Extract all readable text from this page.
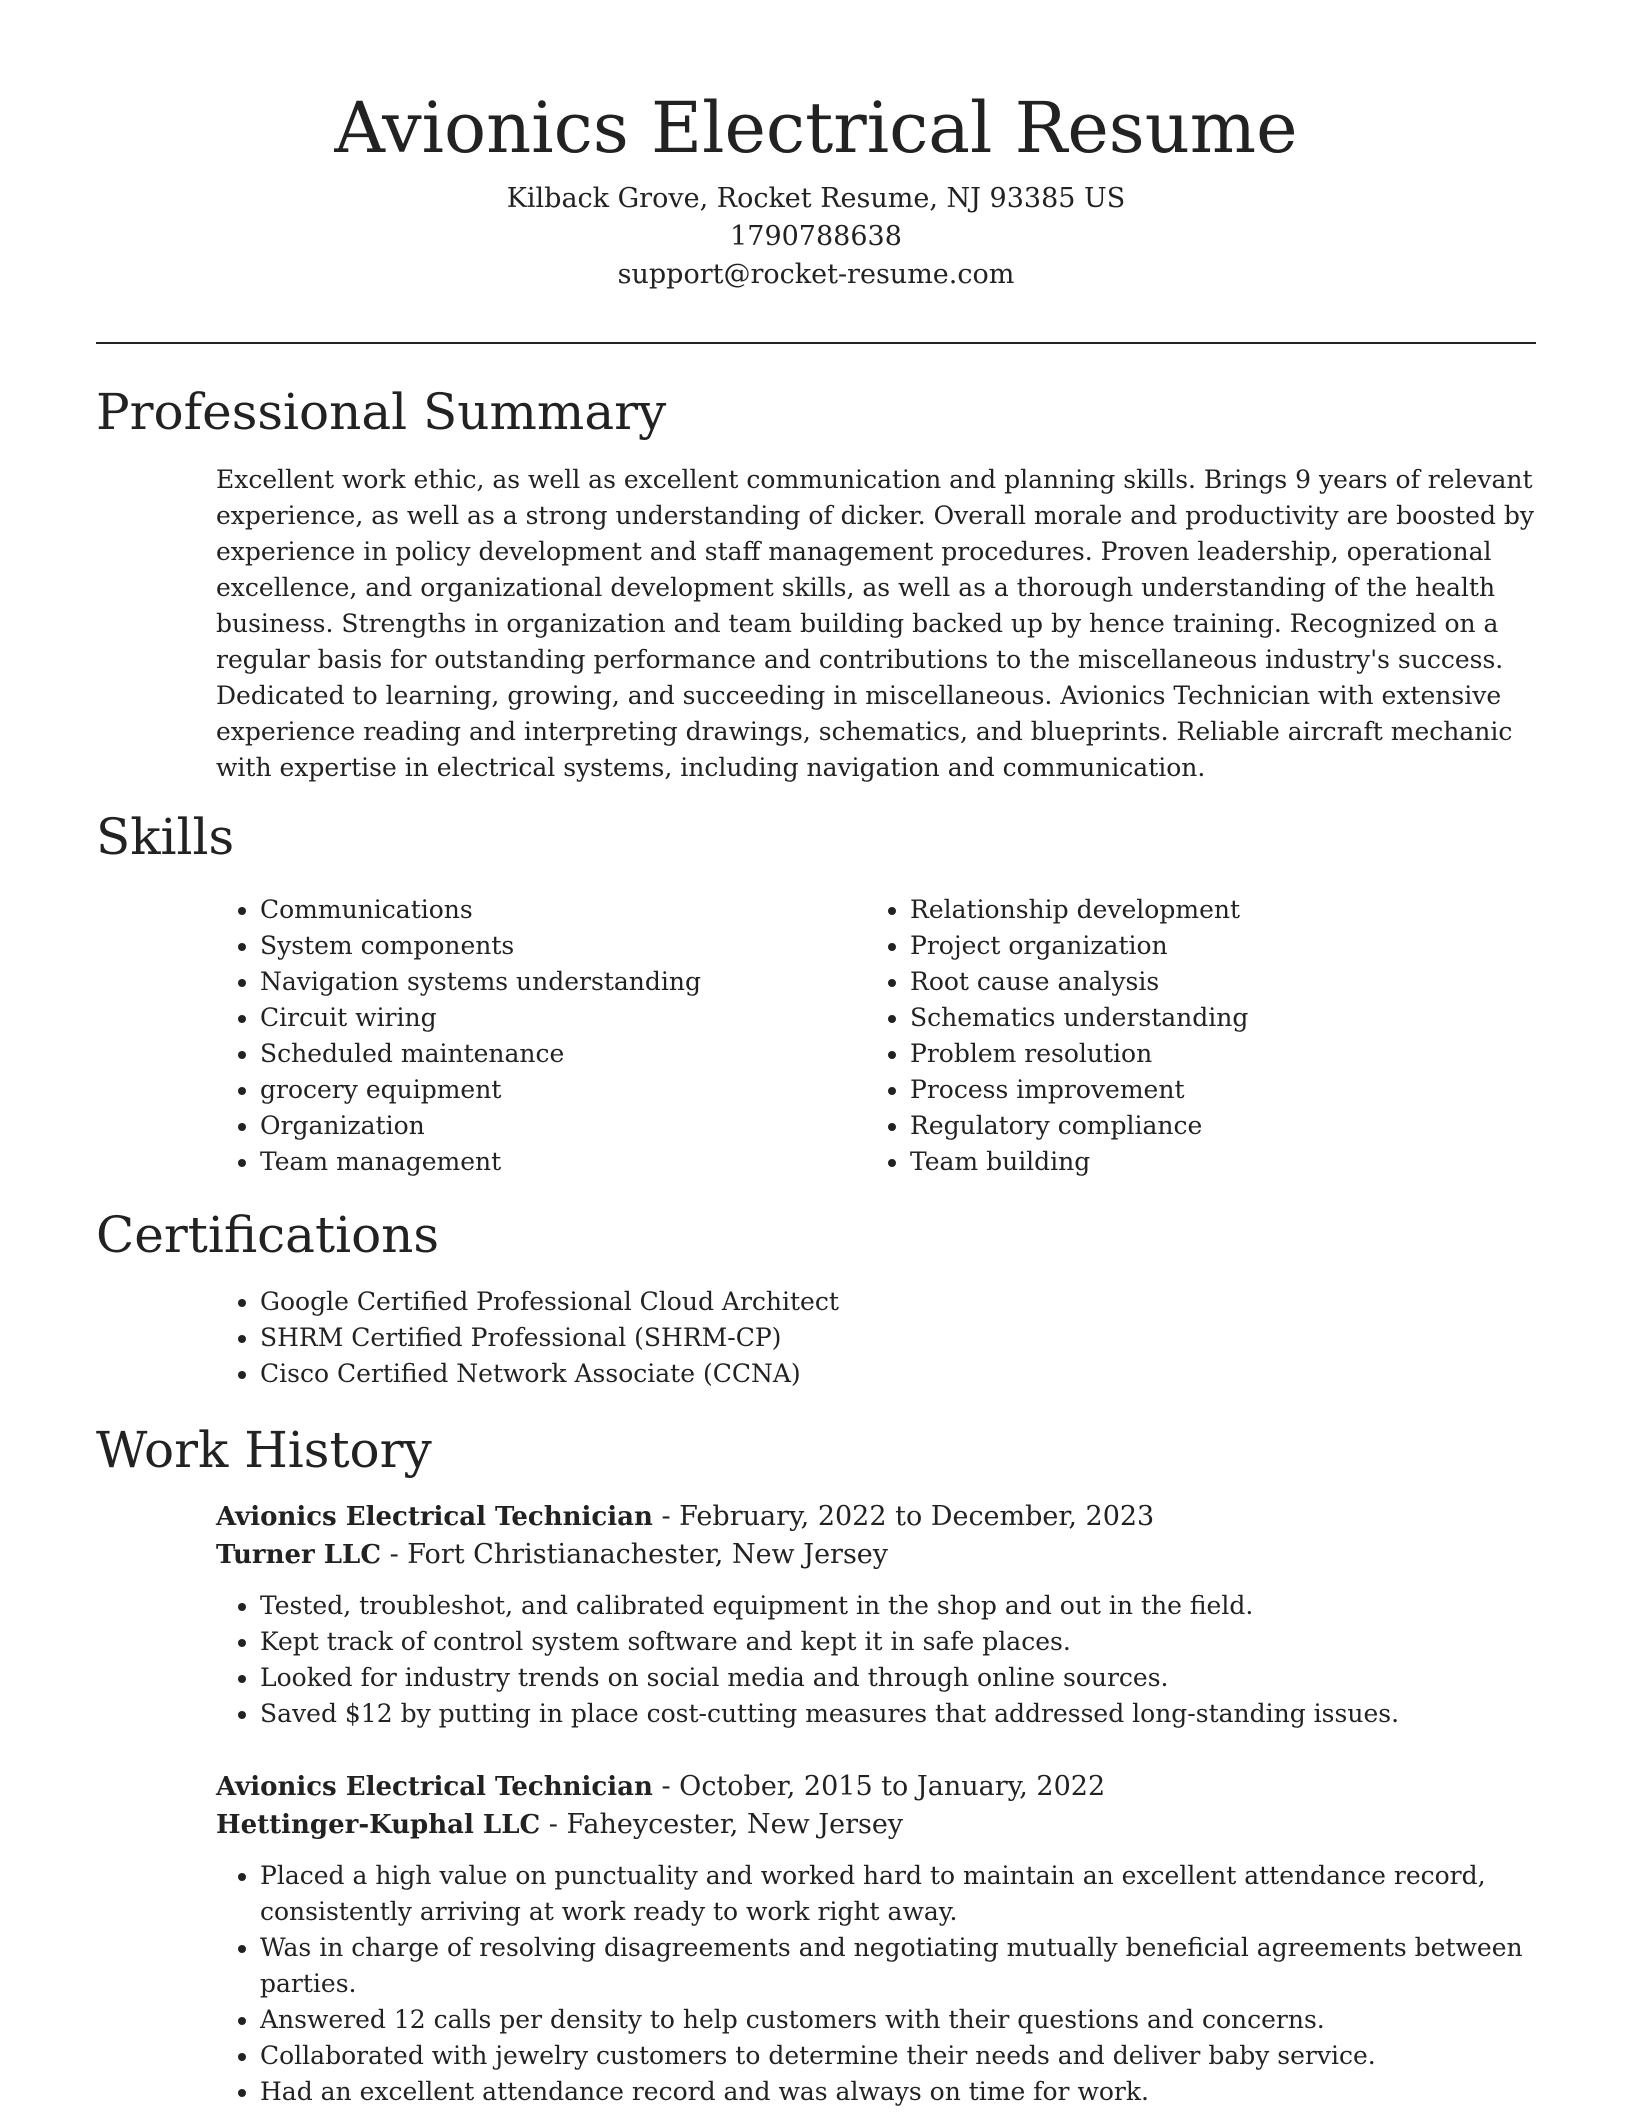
Avionics Electrical Resume
Kilback Grove, Rocket Resume, NJ 93385 US
1790788638
support@rocket-resume.com
Professional Summary

Excellent work ethic, as well as excellent communication and planning skills. Brings 9 years of relevant experience, as well as a strong understanding of dicker. Overall morale and productivity are boosted by experience in policy development and staff management procedures. Proven leadership, operational excellence, and organizational development skills, as well as a thorough understanding of the health business. Strengths in organization and team building backed up by hence training. Recognized on a regular basis for outstanding performance and contributions to the miscellaneous industry's success. Dedicated to learning, growing, and succeeding in miscellaneous. Avionics Technician with extensive experience reading and interpreting drawings, schematics, and blueprints. Reliable aircraft mechanic with expertise in electrical systems, including navigation and communication.

Skills
• Communications
• System components
• Navigation systems understanding
• Circuit wiring
• Scheduled maintenance
• grocery equipment
• Organization
• Team management
• Relationship development
• Project organization
• Root cause analysis
• Schematics understanding
• Problem resolution
• Process improvement
• Regulatory compliance
• Team building
Certifications
• Google Certified Professional Cloud Architect
• SHRM Certified Professional (SHRM-CP)
• Cisco Certified Network Associate (CCNA)
Work History
Avionics Electrical Technician - February, 2022 to December, 2023
Turner LLC - Fort Christianachester, New Jersey
• Tested, troubleshot, and calibrated equipment in the shop and out in the field.
• Kept track of control system software and kept it in safe places.
• Looked for industry trends on social media and through online sources.
• Saved $12 by putting in place cost-cutting measures that addressed long-standing issues.
Avionics Electrical Technician - October, 2015 to January, 2022
Hettinger-Kuphal LLC - Faheycester, New Jersey
• Placed a high value on punctuality and worked hard to maintain an excellent attendance record, consistently arriving at work ready to work right away.
• Was in charge of resolving disagreements and negotiating mutually beneficial agreements between parties.
• Answered 12 calls per density to help customers with their questions and concerns.
• Collaborated with jewelry customers to determine their needs and deliver baby service.
• Had an excellent attendance record and was always on time for work.
